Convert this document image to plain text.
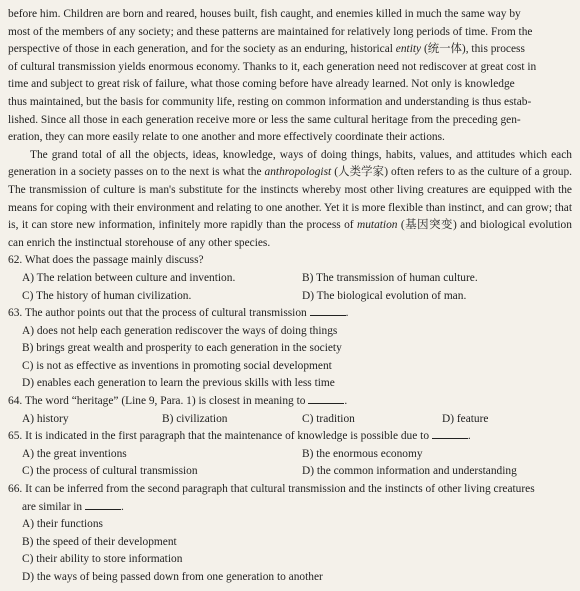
before him. Children are born and reared, houses built, fish caught, and enemies killed in much the same way by

most of the members of any society; and these patterns are maintained for relatively long periods of time. From the

perspective of those in each generation, and for the society as an enduring, historical entity (统一体), this process

of cultural transmission yields enormous economy. Thanks to it, each generation need not rediscover at great cost in

time and subject to great risk of failure, what those coming before have already learned. Not only is knowledge

thus maintained, but the basis for community life, resting on common information and understanding is thus estab-

lished. Since all those in each generation receive more or less the same cultural heritage from the preceding gen-

eration, they can more easily relate to one another and more effectively coordinate their actions.

The grand total of all the objects, ideas, knowledge, ways of doing things, habits, values, and attitudes which each generation in a society passes on to the next is what the anthropologist (人类学家) often refers to as the culture of a group. The transmission of culture is man's substitute for the instincts whereby most other living creatures are equipped with the means for coping with their environment and relating to one another. Yet it is more flexible than instinct, and can grow; that is, it can store new information, infinitely more rapidly than the process of mutation (基因突变) and biological evolution can enrich the instinctual storehouse of any other species.

62. What does the passage mainly discuss?

A) The relation between culture and invention.	B) The transmission of human culture.
C) The history of human civilization.	D) The biological evolution of man.

63. The author points out that the process of cultural transmission	.

A) does not help each generation rediscover the ways of doing things
B) brings great wealth and prosperity to each generation in the society
C) is not as effective as inventions in promoting social development
D) enables each generation to learn the previous skills with less time

64. The word “heritage” (Line 9, Para. 1) is closest in meaning to	.

A) history	B) civilization	C) tradition	D) feature

65. It is indicated in the first paragraph that the maintenance of knowledge is possible due to	.

A) the great inventions	B) the enormous economy
C) the process of cultural transmission	D) the common information and understanding

66. It can be inferred from the second paragraph that cultural transmission and the instincts of other living creatures

are similar in	.

A) their functions
B) the speed of their development
C) their ability to store information
D) the ways of being passed down from one generation to another
